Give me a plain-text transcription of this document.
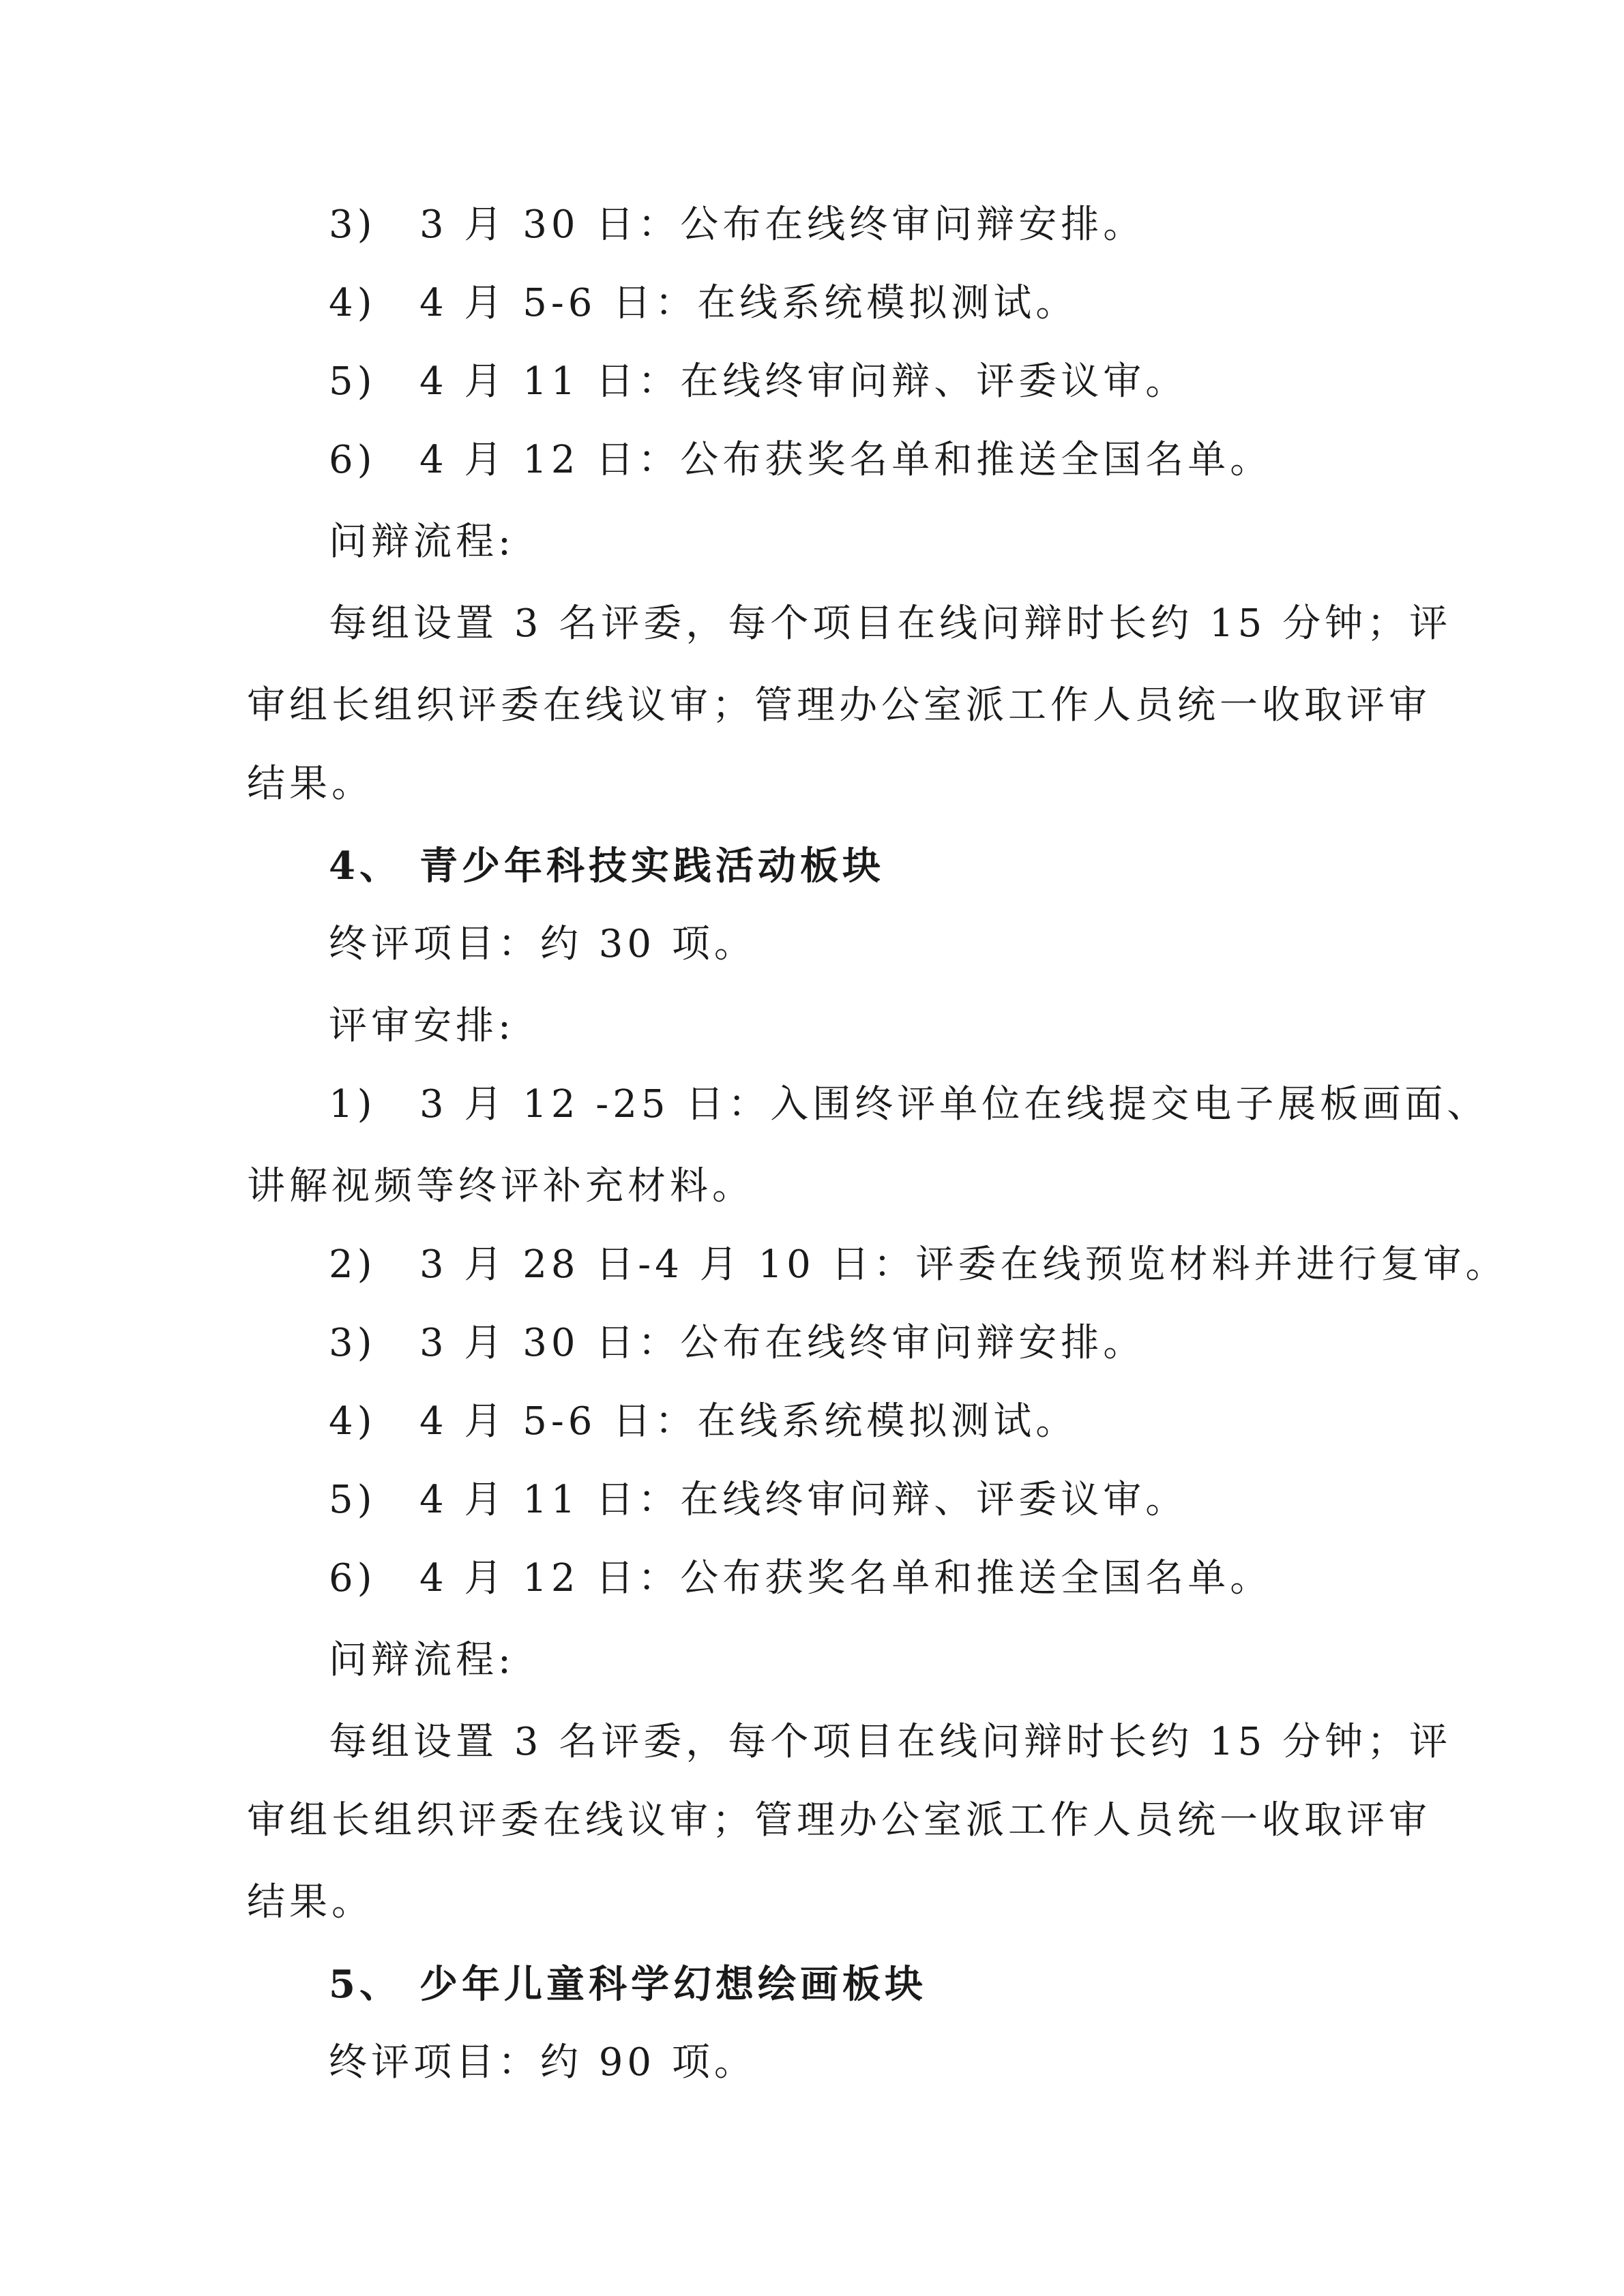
3) 3 月 30 日：公布在线终审问辩安排。
4) 4 月 5-6 日：在线系统模拟测试。
5) 4 月 11 日：在线终审问辩、评委议审。
6) 4 月 12 日：公布获奖名单和推送全国名单。
问辩流程:
每组设置 3 名评委，每个项目在线问辩时长约 15 分钟；评
审组长组织评委在线议审；管理办公室派工作人员统一收取评审
结果。
4、 青少年科技实践活动板块
终评项目：约 30 项。
评审安排:
1) 3 月 12 -25 日：入围终评单位在线提交电子展板画面、
讲解视频等终评补充材料。
2) 3 月 28 日-4 月 10 日：评委在线预览材料并进行复审。
3) 3 月 30 日：公布在线终审问辩安排。
4) 4 月 5-6 日：在线系统模拟测试。
5) 4 月 11 日：在线终审问辩、评委议审。
6) 4 月 12 日：公布获奖名单和推送全国名单。
问辩流程:
每组设置 3 名评委，每个项目在线问辩时长约 15 分钟；评
审组长组织评委在线议审；管理办公室派工作人员统一收取评审
结果。
5、 少年儿童科学幻想绘画板块
终评项目：约 90 项。
